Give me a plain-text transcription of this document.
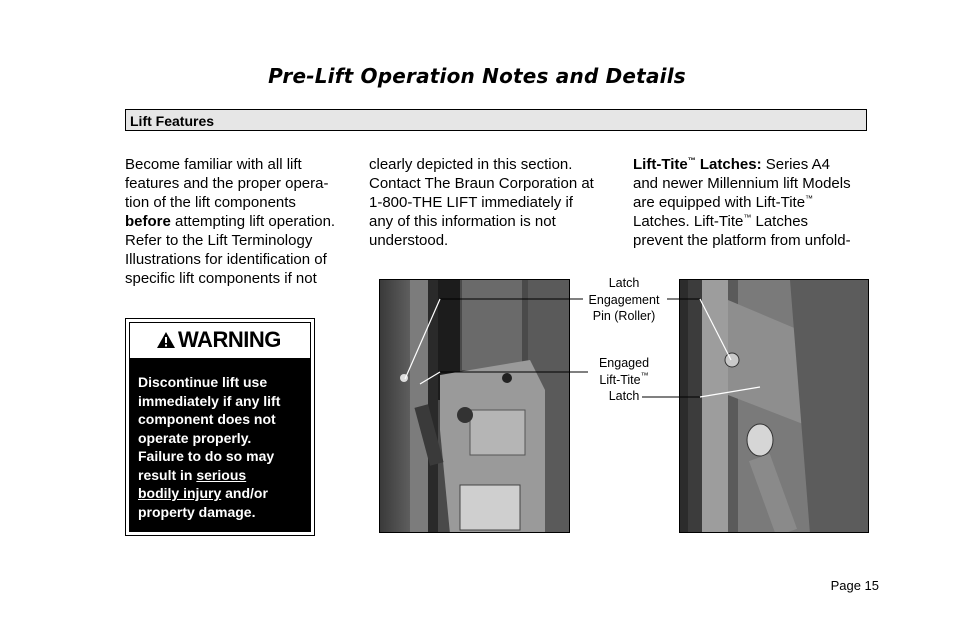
Pre-Lift Operation Notes and Details
Lift Features
Become familiar with all lift
features and the proper opera-
tion of the lift components
before attempting lift operation.
Refer to the Lift Terminology
Illustrations for identification of
specific lift components if not
clearly depicted in this section.
Contact The Braun Corporation at
1-800-THE LIFT immediately if
any of this information is not
understood.
Lift-Tite™ Latches: Series A4
and newer Millennium lift Models
are equipped with Lift-Tite™
Latches. Lift-Tite™ Latches
prevent the platform from unfold-
WARNING
Discontinue lift use
immediately if any lift
component does not
operate properly.
Failure to do so may
result in serious
bodily injury and/or
property damage.
Latch
Engagement
Pin (Roller)
Engaged
Lift-Tite™
Latch
Page 15
